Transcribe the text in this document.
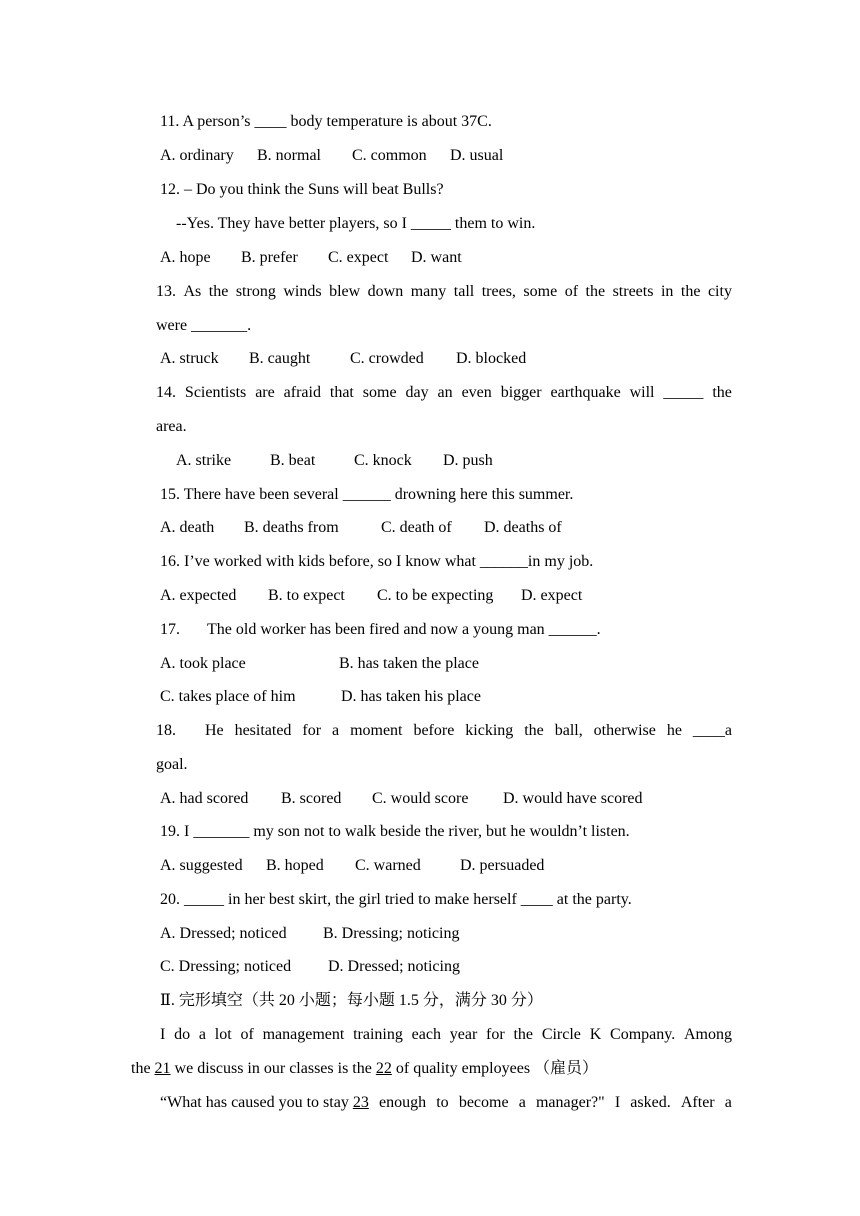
11. A person’s ____ body temperature is about 37C.
A. ordinary B. normal C. common D. usual
12. – Do you think the Suns will beat Bulls?
--Yes. They have better players, so I _____ them to win.
A. hope B. prefer C. expect D. want
13. As the strong winds blew down many tall trees, some of the streets in the city
were _______.
A. struck B. caught C. crowded D. blocked
14. Scientists are afraid that some day an even bigger earthquake will _____ the
area.
A. strike B. beat C. knock D. push
15. There have been several ______ drowning here this summer.
A. death B. deaths from	C. death of D. deaths of
16. I’ve worked with kids before, so I know what ______in my job.
A. expected B. to expect C. to be expecting D. expect
17. The old worker has been fired and now a young man ______.
A. took place	B. has taken the place
C. takes place of him	D. has taken his place
18. He hesitated for a moment before kicking the ball, otherwise he ____a
goal.
A. had scored B. scored C. would score D. would have scored
19. I _______ my son not to walk beside the river, but he wouldn’t listen.
A. suggested B. hoped C. warned D. persuaded
20. _____ in her best skirt, the girl tried to make herself ____ at the party.
A. Dressed; noticed B. Dressing; noticing
C. Dressing; noticed D. Dressed; noticing
Ⅱ. 完形填空（共 20 小题；每小题 1.5 分，满分 30 分）
I do a lot of management training each year for the Circle K Company. Among
the 21 we discuss in our classes is the 22 of quality employees （雇员）
“What has caused you to stay 23 enough to become a manager?" I asked. After a
